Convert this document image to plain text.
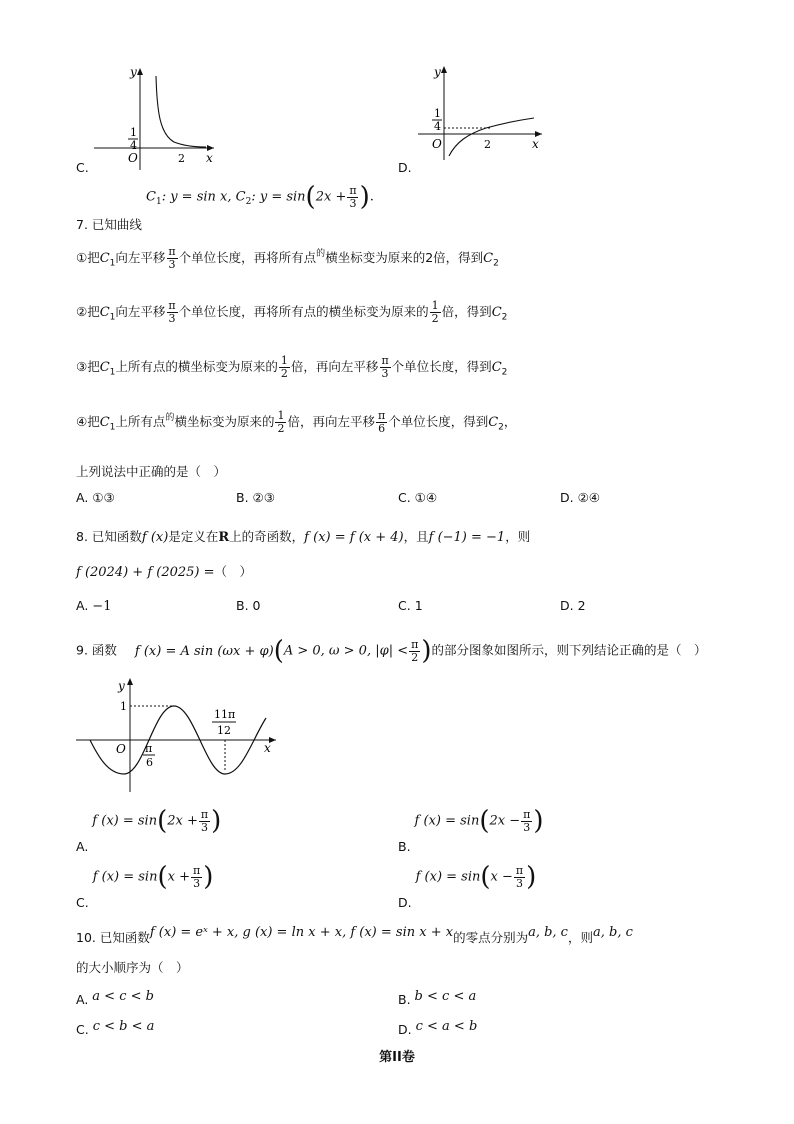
C.
y
x
O
1
4
2
D.
y
x
O
1
4
2
$C_1$: y = sin x, $C_2$: $y = \sin(2x + \frac{\pi}{3}$ ).
7. 已知曲线
①把$C_1$向左平移 $\frac{\pi}{3}$ 个单位长度，再将所有点$^的$横坐标变为原来的2倍，得到$C_2$
②把$C_1$向左平移 $\frac{\pi}{3}$ 个单位长度，再将所有点的横坐标变为原来的 $\frac{1}{2}$ 倍，得到$C_2$
③把$C_1$上所有点的横坐标变为原来的 $\frac{1}{2}$ 倍，再向左平移 $\frac{\pi}{3}$ 个单位长度，得到$C_2$
④把$C_1$上所有点$^的$横坐标变为原来的 $\frac{1}{2}$ 倍，再向左平移 $\frac{\pi}{6}$ 个单位长度，得到$C_2$，
上列说法中正确的是（　）
A. ①③	B. ②③	C. ①④	D. ②④
8. 已知函数f (x)是定义在R上的奇函数，f (x) = f (x + 4)，且f (−1) = −1，则
f (2024) + f (2025) =（　）
A. −1	B. 0	C. 1	D. 2
9. 函数 f (x) = A sin (ωx + φ)(A > 0, ω > 0, $|\varphi| < \frac{\pi}{2}$ )的部分图象如图所示，则下列结论正确的是（　）
y
x
O
1
π
6
11π
12
A. f $(x) = \sin(2x + \frac{\pi}{3}$ )
B. f $(x) = \sin(2x - \frac{\pi}{3}$ )
C. f $(x) = \sin(x + \frac{\pi}{3}$ )
D. f $(x) = \sin(x - \frac{\pi}{3}$ )
10. 已知函数f (x) = eˣ + x, g (x) = ln x + x, f (x) = sin x + x的零点分别为a, b, c，则a, b, c
的大小顺序为（　）
A. a < c < b	B. b < c < a
C. c < b < a	D. c < a < b
第II卷
